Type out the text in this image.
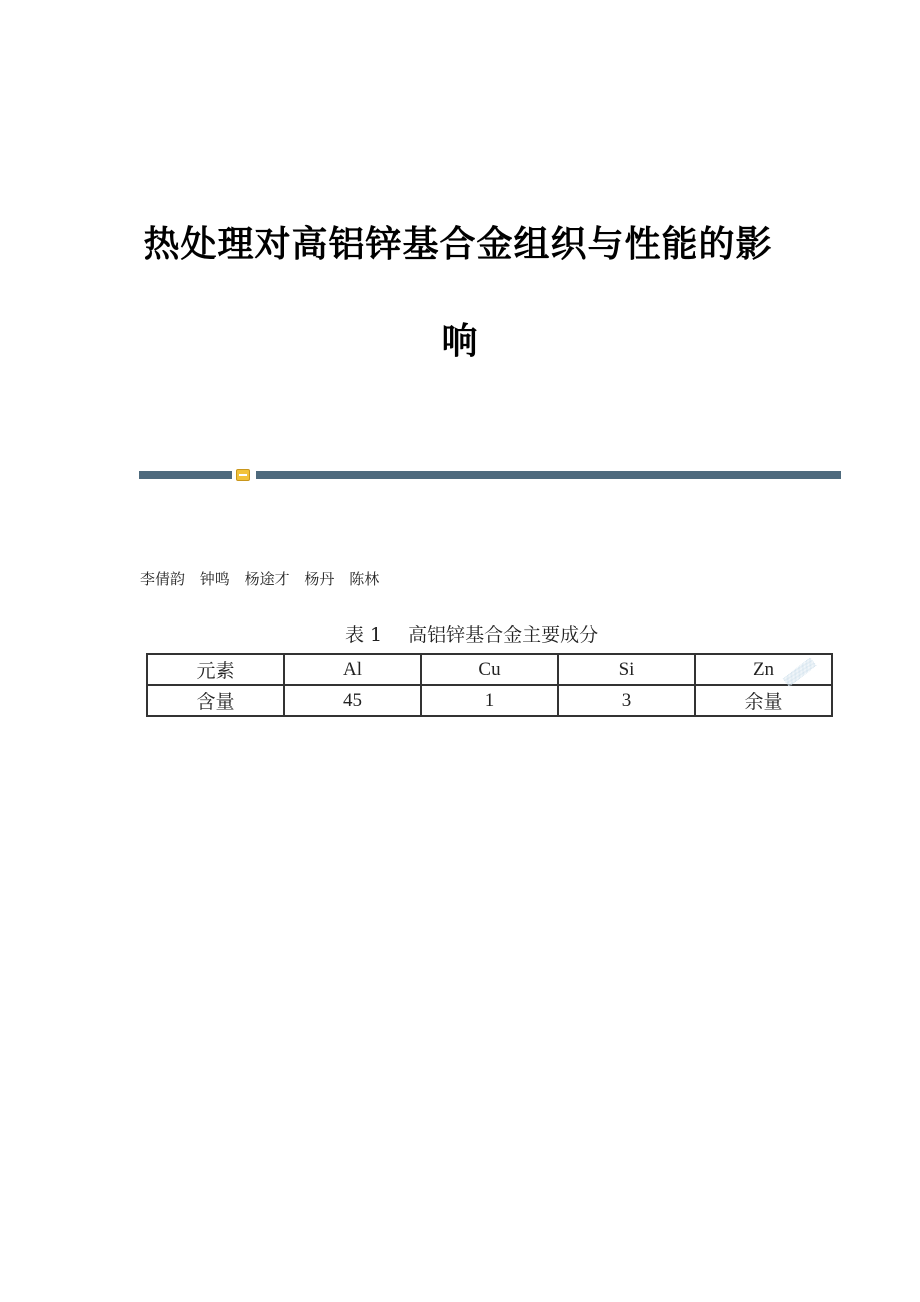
热处理对高铝锌基合金组织与性能的影
响
李倩韵 钟鸣 杨途才 杨丹 陈林
表 1 高铝锌基合金主要成分
元素	Al	Cu	Si	Zn
含量	45	1	3	余量
▒▒▒▒▒
